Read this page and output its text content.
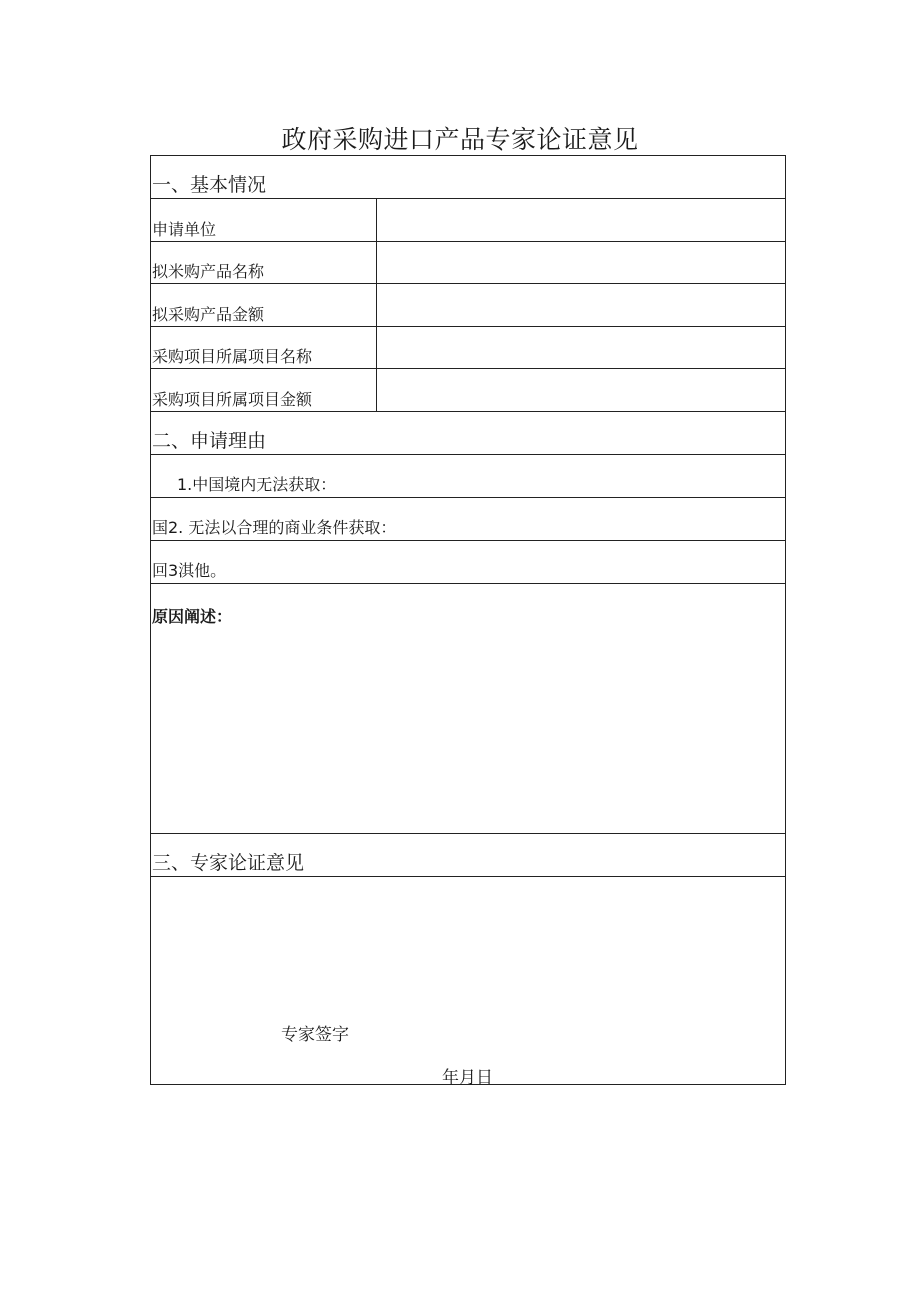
政府采购进口产品专家论证意见
一、基本情况
申请单位
拟米购产品名称
拟采购产品金额
采购项目所属项目名称
采购项目所属项目金额
二、申请理由
1.中国境内无法获取：
国2. 无法以合理的商业条件获取：
回3淇他。
原因阐述：
三、专家论证意见
专家签字
年月日
